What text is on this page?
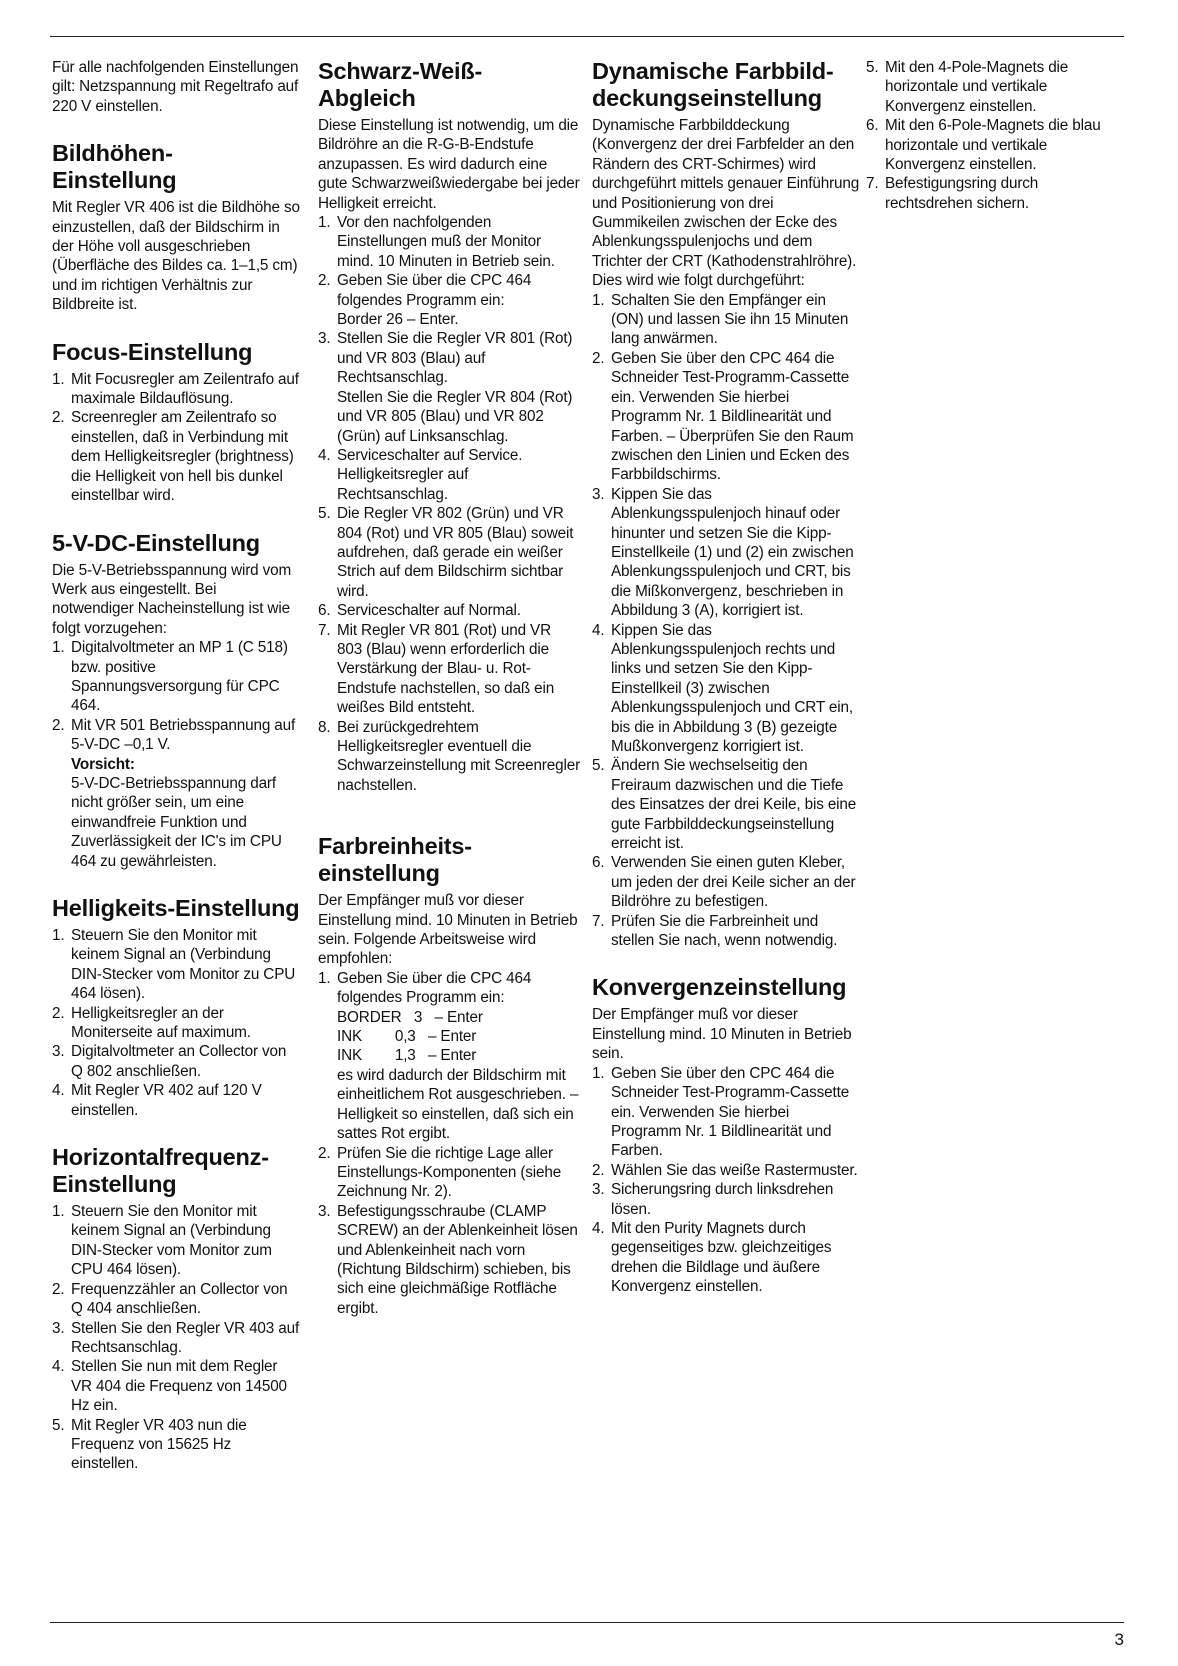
Für alle nachfolgenden Einstellungen gilt: Netzspannung mit Regeltrafo auf 220 V einstellen.

Bildhöhen-
Einstellung

Mit Regler VR 406 ist die Bildhöhe so einzustellen, daß der Bildschirm in der Höhe voll ausgeschrieben (Überfläche des Bildes ca. 1–1,5 cm) und im richtigen Verhältnis zur Bildbreite ist.

Focus-Einstellung
1. Mit Focusregler am Zeilentrafo auf maximale Bildauflösung.
2. Screenregler am Zeilentrafo so einstellen, daß in Verbindung mit dem Helligkeitsregler (brightness) die Helligkeit von hell bis dunkel einstellbar wird.
5-V-DC-Einstellung

Die 5-V-Betriebsspannung wird vom Werk aus eingestellt. Bei notwendiger Nacheinstellung ist wie folgt vorzugehen:

1. Digitalvoltmeter an MP 1 (C 518) bzw. positive Spannungsversorgung für CPC 464.
2. Mit VR 501 Betriebsspannung auf 5-V-DC –0,1 V.
Vorsicht:
5-V-DC-Betriebsspannung darf nicht größer sein, um eine einwandfreie Funktion und Zuverlässigkeit der IC's im CPU 464 zu gewährleisten.
Helligkeits-Einstellung
1. Steuern Sie den Monitor mit keinem Signal an (Verbindung DIN-Stecker vom Monitor zu CPU 464 lösen).
2. Helligkeitsregler an der Moniterseite auf maximum.
3. Digitalvoltmeter an Collector von Q 802 anschließen.
4. Mit Regler VR 402 auf 120 V einstellen.
Horizontalfrequenz-
Einstellung
1. Steuern Sie den Monitor mit keinem Signal an (Verbindung DIN-Stecker vom Monitor zum CPU 464 lösen).
2. Frequenzzähler an Collector von Q 404 anschließen.
3. Stellen Sie den Regler VR 403 auf Rechtsanschlag.
4. Stellen Sie nun mit dem Regler VR 404 die Frequenz von 14500 Hz ein.
5. Mit Regler VR 403 nun die Frequenz von 15625 Hz einstellen.
Schwarz-Weiß-
Abgleich

Diese Einstellung ist notwendig, um die Bildröhre an die R-G-B-Endstufe anzupassen. Es wird dadurch eine gute Schwarzweißwiedergabe bei jeder Helligkeit erreicht.

1. Vor den nachfolgenden Einstellungen muß der Monitor mind. 10 Minuten in Betrieb sein.
2. Geben Sie über die CPC 464 folgendes Programm ein:
Border 26 – Enter.
3. Stellen Sie die Regler VR 801 (Rot) und VR 803 (Blau) auf Rechtsanschlag.
Stellen Sie die Regler VR 804 (Rot) und VR 805 (Blau) und VR 802 (Grün) auf Linksanschlag.
4. Serviceschalter auf Service. Helligkeitsregler auf Rechtsanschlag.
5. Die Regler VR 802 (Grün) und VR 804 (Rot) und VR 805 (Blau) soweit aufdrehen, daß gerade ein weißer Strich auf dem Bildschirm sichtbar wird.
6. Serviceschalter auf Normal.
7. Mit Regler VR 801 (Rot) und VR 803 (Blau) wenn erforderlich die Verstärkung der Blau- u. Rot-Endstufe nachstellen, so daß ein weißes Bild entsteht.
8. Bei zurückgedrehtem Helligkeitsregler eventuell die Schwarzeinstellung mit Screenregler nachstellen.
Farbreinheits-
einstellung

Der Empfänger muß vor dieser Einstellung mind. 10 Minuten in Betrieb sein. Folgende Arbeitsweise wird empfohlen:

1. Geben Sie über die CPC 464 folgendes Programm ein:
BORDER   3   – Enter
INK        0,3   – Enter
INK        1,3   – Enter
es wird dadurch der Bildschirm mit einheitlichem Rot ausgeschrieben. – Helligkeit so einstellen, daß sich ein sattes Rot ergibt.
2. Prüfen Sie die richtige Lage aller Einstellungs-Komponenten (siehe Zeichnung Nr. 2).
3. Befestigungsschraube (CLAMP SCREW) an der Ablenkeinheit lösen und Ablenkeinheit nach vorn (Richtung Bildschirm) schieben, bis sich eine gleichmäßige Rotfläche ergibt.
Dynamische Farbbild-
deckungseinstellung

Dynamische Farbbilddeckung (Konvergenz der drei Farbfelder an den Rändern des CRT-Schirmes) wird durchgeführt mittels genauer Einführung und Positionierung von drei Gummikeilen zwischen der Ecke des Ablenkungsspulenjochs und dem Trichter der CRT (Kathodenstrahlröhre). Dies wird wie folgt durchgeführt:

1. Schalten Sie den Empfänger ein (ON) und lassen Sie ihn 15 Minuten lang anwärmen.
2. Geben Sie über den CPC 464 die Schneider Test-Programm-Cassette ein. Verwenden Sie hierbei Programm Nr. 1 Bildlinearität und Farben. – Überprüfen Sie den Raum zwischen den Linien und Ecken des Farbbildschirms.
3. Kippen Sie das Ablenkungsspulenjoch hinauf oder hinunter und setzen Sie die Kipp-Einstellkeile (1) und (2) ein zwischen Ablenkungsspulenjoch und CRT, bis die Mißkonvergenz, beschrieben in Abbildung 3 (A), korrigiert ist.
4. Kippen Sie das Ablenkungsspulenjoch rechts und links und setzen Sie den Kipp-Einstellkeil (3) zwischen Ablenkungsspulenjoch und CRT ein, bis die in Abbildung 3 (B) gezeigte Mußkonvergenz korrigiert ist.
5. Ändern Sie wechselseitig den Freiraum dazwischen und die Tiefe des Einsatzes der drei Keile, bis eine gute Farbbilddeckungseinstellung erreicht ist.
6. Verwenden Sie einen guten Kleber, um jeden der drei Keile sicher an der Bildröhre zu befestigen.
7. Prüfen Sie die Farbreinheit und stellen Sie nach, wenn notwendig.
Konvergenzeinstellung

Der Empfänger muß vor dieser Einstellung mind. 10 Minuten in Betrieb sein.

1. Geben Sie über den CPC 464 die Schneider Test-Programm-Cassette ein. Verwenden Sie hierbei Programm Nr. 1 Bildlinearität und Farben.
2. Wählen Sie das weiße Rastermuster.
3. Sicherungsring durch linksdrehen lösen.
4. Mit den Purity Magnets durch gegenseitiges bzw. gleichzeitiges drehen die Bildlage und äußere Konvergenz einstellen.
5. Mit den 4-Pole-Magnets die horizontale und vertikale Konvergenz einstellen.
6. Mit den 6-Pole-Magnets die blau horizontale und vertikale Konvergenz einstellen.
7. Befestigungsring durch rechtsdrehen sichern.
3
